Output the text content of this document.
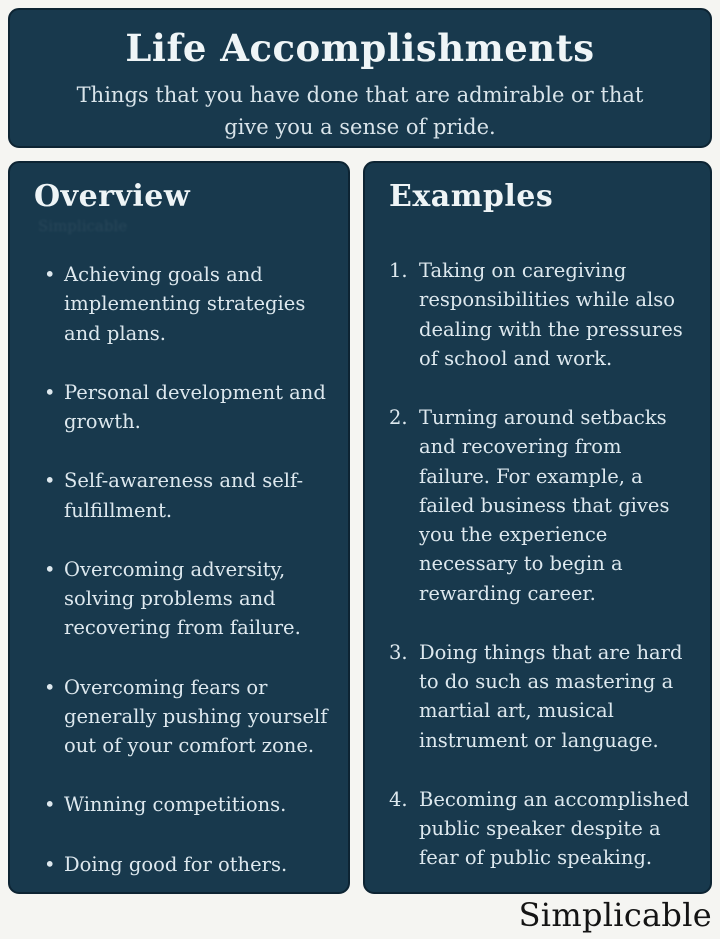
Life Accomplishments
Things that you have done that are admirable or that give you a sense of pride.
Overview
Simplicable
• Achieving goals and implementing strategies and plans.
• Personal development and growth.
• Self-awareness and self-fulfillment.
• Overcoming adversity, solving problems and recovering from failure.
• Overcoming fears or generally pushing yourself out of your comfort zone.
• Winning competitions.
• Doing good for others.
Examples
Taking on caregiving responsibilities while also dealing with the pressures of school and work.
Turning around setbacks and recovering from failure. For example, a failed business that gives you the experience necessary to begin a rewarding career.
Doing things that are hard to do such as mastering a martial art, musical instrument or language.
Becoming an accomplished public speaker despite a fear of public speaking.
Simplicable
